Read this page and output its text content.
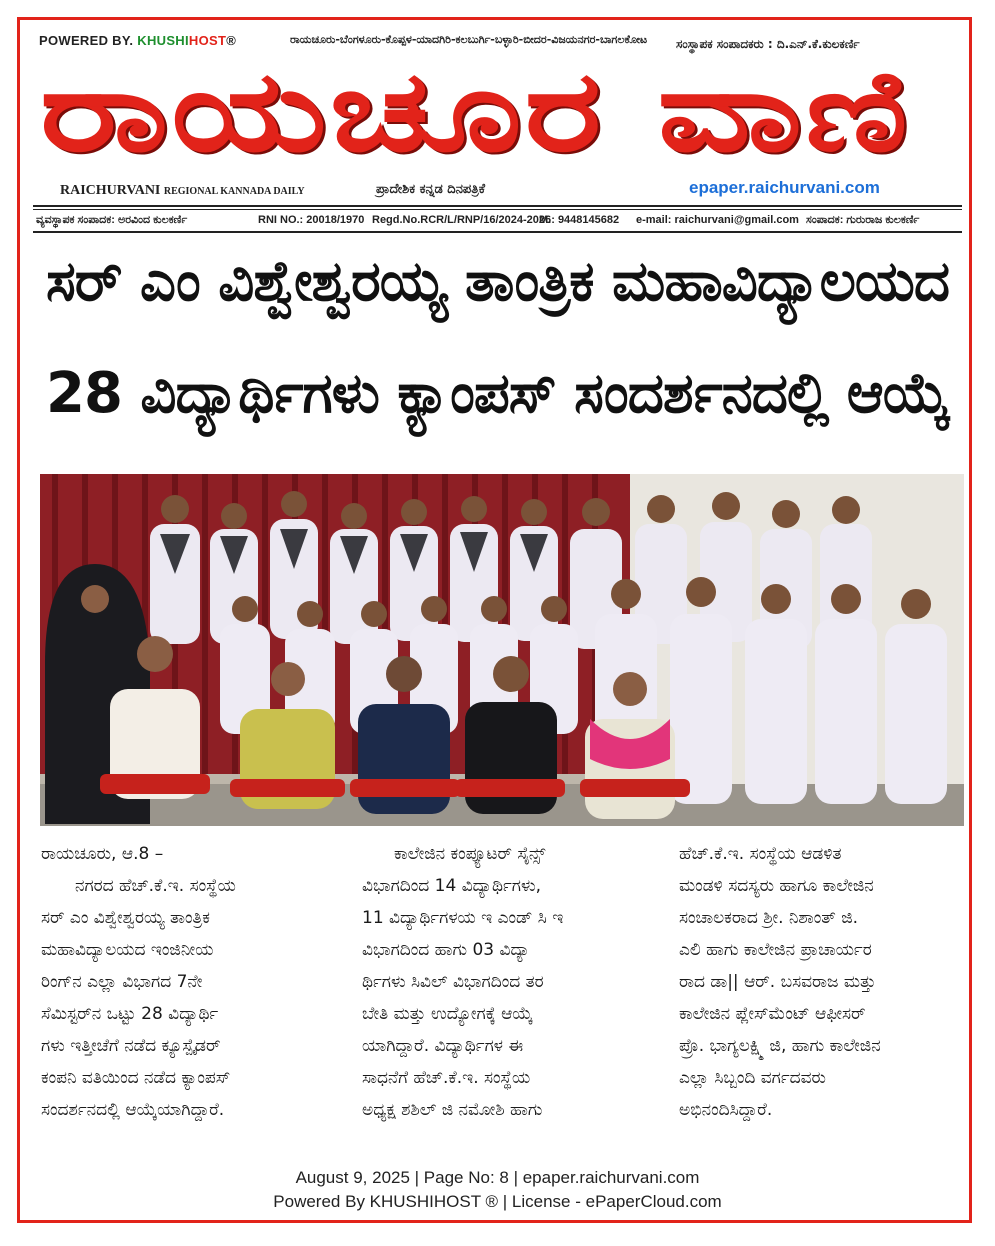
POWERED BY. KHUSHIHOST®	ರಾಯಚೂರು-ಬೆಂಗಳೂರು-ಕೊಪ್ಪಳ-ಯಾದಗಿರಿ-ಕಲಬುರ್ಗಿ-ಬಳ್ಳಾರಿ-ಬೀದರ-ವಿಜಯನಗರ-ಬಾಗಲಕೋಟ ಸಂಸ್ಥಾಪಕ ಸಂಪಾದಕರು : ದಿ.ಎನ್.ಕೆ.ಕುಲಕರ್ಣಿ
ರಾಯಚೂರ ವಾಣಿ
RAICHURVANI REGIONAL KANNADA DAILY	ಪ್ರಾದೇಶಿಕ ಕನ್ನಡ ದಿನಪತ್ರಿಕೆ	epaper.raichurvani.com
ವ್ಯವಸ್ಥಾಪಕ ಸಂಪಾದಕ: ಅರವಿಂದ ಕುಲಕರ್ಣಿ	RNI NO.: 20018/1970 Regd.No.RCR/L/RNP/16/2024-2026
M.: 9448145682 e-mail: raichurvani@gmail.com ಸಂಪಾದಕ: ಗುರುರಾಜ ಕುಲಕರ್ಣಿ
ಸರ್ ಎಂ ವಿಶ್ವೇಶ್ವರಯ್ಯ ತಾಂತ್ರಿಕ ಮಹಾವಿದ್ಯಾಲಯದ
28 ವಿದ್ಯಾರ್ಥಿಗಳು ಕ್ಯಾಂಪಸ್ ಸಂದರ್ಶನದಲ್ಲಿ ಆಯ್ಕೆ

ರಾಯಚೂರು, ಆ.8 –

ನಗರದ ಹೆಚ್.ಕೆ.ಇ. ಸಂಸ್ಥೆಯ

ಸರ್ ಎಂ ವಿಶ್ವೇಶ್ವರಯ್ಯ ತಾಂತ್ರಿಕ

ಮಹಾವಿದ್ಯಾಲಯದ ಇಂಜಿನೀಯ

ರಿಂಗ್‌ನ ಎಲ್ಲಾ ವಿಭಾಗದ 7ನೇ

ಸೆಮಿಸ್ಟರ್‌ನ ಒಟ್ಟು 28 ವಿದ್ಯಾರ್ಥಿ

ಗಳು ಇತ್ತೀಚೆಗೆ ನಡೆದ ಕ್ಯೂಸ್ಪೈಡರ್

ಕಂಪನಿ ವತಿಯಿಂದ ನಡೆದ ಕ್ಯಾಂಪಸ್

ಸಂದರ್ಶನದಲ್ಲಿ ಆಯ್ಕೆಯಾಗಿದ್ದಾರೆ.

ಕಾಲೇಜಿನ ಕಂಪ್ಯೂಟರ್ ಸೈನ್ಸ್

ವಿಭಾಗದಿಂದ 14 ವಿದ್ಯಾರ್ಥಿಗಳು,

11 ವಿದ್ಯಾರ್ಥಿಗಳಯ ಇ ಎಂಡ್ ಸಿ ಇ

ವಿಭಾಗದಿಂದ ಹಾಗು 03 ವಿದ್ಯಾ

ರ್ಥಿಗಳು ಸಿವಿಲ್ ವಿಭಾಗದಿಂದ ತರ

ಬೇತಿ ಮತ್ತು ಉದ್ಯೋಗಕ್ಕೆ ಆಯ್ಕೆ

ಯಾಗಿದ್ದಾರೆ. ವಿದ್ಯಾರ್ಥಿಗಳ ಈ

ಸಾಧನೆಗೆ ಹೆಚ್.ಕೆ.ಇ. ಸಂಸ್ಥೆಯ

ಅಧ್ಯಕ್ಷ ಶಶಿಲ್ ಜಿ ನಮೋಶಿ ಹಾಗು

ಹೆಚ್.ಕೆ.ಇ. ಸಂಸ್ಥೆಯ ಆಡಳಿತ

ಮಂಡಳಿ ಸದಸ್ಯರು ಹಾಗೂ ಕಾಲೇಜಿನ

ಸಂಚಾಲಕರಾದ ಶ್ರೀ. ನಿಶಾಂತ್ ಜಿ.

ಎಲಿ ಹಾಗು ಕಾಲೇಜಿನ ಪ್ರಾಚಾರ್ಯರ

ರಾದ ಡಾ|| ಆರ್. ಬಸವರಾಜ ಮತ್ತು

ಕಾಲೇಜಿನ ಪ್ಲೇಸ್‌ಮೆಂಟ್ ಆಫೀಸರ್

ಪ್ರೊ. ಭಾಗ್ಯಲಕ್ಷ್ಮಿ ಜಿ, ಹಾಗು ಕಾಲೇಜಿನ

ಎಲ್ಲಾ ಸಿಬ್ಬಂದಿ ವರ್ಗದವರು

ಅಭಿನಂದಿಸಿದ್ದಾರೆ.

August 9, 2025 | Page No: 8 | epaper.raichurvani.com
Powered By KHUSHIHOST ® | License - ePaperCloud.com
